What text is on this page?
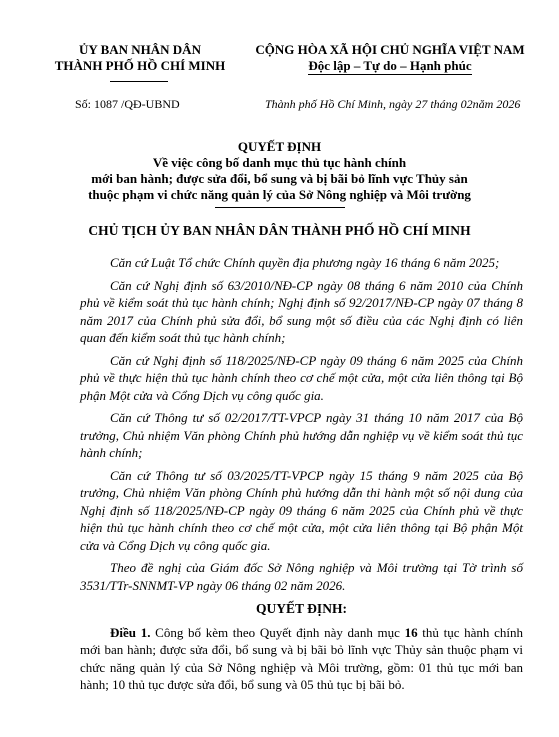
ỦY BAN NHÂN DÂN
THÀNH PHỐ HỒ CHÍ MINH
CỘNG HÒA XÃ HỘI CHỦ NGHĨA VIỆT NAM
Độc lập – Tự do – Hạnh phúc
Số: 1087 /QĐ-UBND	Thành phố Hồ Chí Minh, ngày 27 tháng 02năm 2026
QUYẾT ĐỊNH
Về việc công bố danh mục thủ tục hành chính
mới ban hành; được sửa đổi, bổ sung và bị bãi bỏ lĩnh vực Thủy sản
thuộc phạm vi chức năng quản lý của Sở Nông nghiệp và Môi trường
CHỦ TỊCH ỦY BAN NHÂN DÂN THÀNH PHỐ HỒ CHÍ MINH

Căn cứ Luật Tổ chức Chính quyền địa phương ngày 16 tháng 6 năm 2025;

Căn cứ Nghị định số 63/2010/NĐ-CP ngày 08 tháng 6 năm 2010 của Chính phủ về kiểm soát thủ tục hành chính; Nghị định số 92/2017/NĐ-CP ngày 07 tháng 8 năm 2017 của Chính phủ sửa đổi, bổ sung một số điều của các Nghị định có liên quan đến kiểm soát thủ tục hành chính;

Căn cứ Nghị định số 118/2025/NĐ-CP ngày 09 tháng 6 năm 2025 của Chính phủ về thực hiện thủ tục hành chính theo cơ chế một cửa, một cửa liên thông tại Bộ phận Một cửa và Cổng Dịch vụ công quốc gia.

Căn cứ Thông tư số 02/2017/TT-VPCP ngày 31 tháng 10 năm 2017 của Bộ trưởng, Chủ nhiệm Văn phòng Chính phủ hướng dẫn nghiệp vụ về kiểm soát thủ tục hành chính;

Căn cứ Thông tư số 03/2025/TT-VPCP ngày 15 tháng 9 năm 2025 của Bộ trưởng, Chủ nhiệm Văn phòng Chính phủ hướng dẫn thi hành một số nội dung của Nghị định số 118/2025/NĐ-CP ngày 09 tháng 6 năm 2025 của Chính phủ về thực hiện thủ tục hành chính theo cơ chế một cửa, một cửa liên thông tại Bộ phận Một cửa và Cổng Dịch vụ công quốc gia.

Theo đề nghị của Giám đốc Sở Nông nghiệp và Môi trường tại Tờ trình số 3531/TTr-SNNMT-VP ngày 06 tháng 02 năm 2026.

QUYẾT ĐỊNH:

Điều 1. Công bố kèm theo Quyết định này danh mục 16 thủ tục hành chính mới ban hành; được sửa đổi, bổ sung và bị bãi bỏ lĩnh vực Thủy sản thuộc phạm vi chức năng quản lý của Sở Nông nghiệp và Môi trường, gồm: 01 thủ tục mới ban hành; 10 thủ tục được sửa đổi, bổ sung và 05 thủ tục bị bãi bỏ.
